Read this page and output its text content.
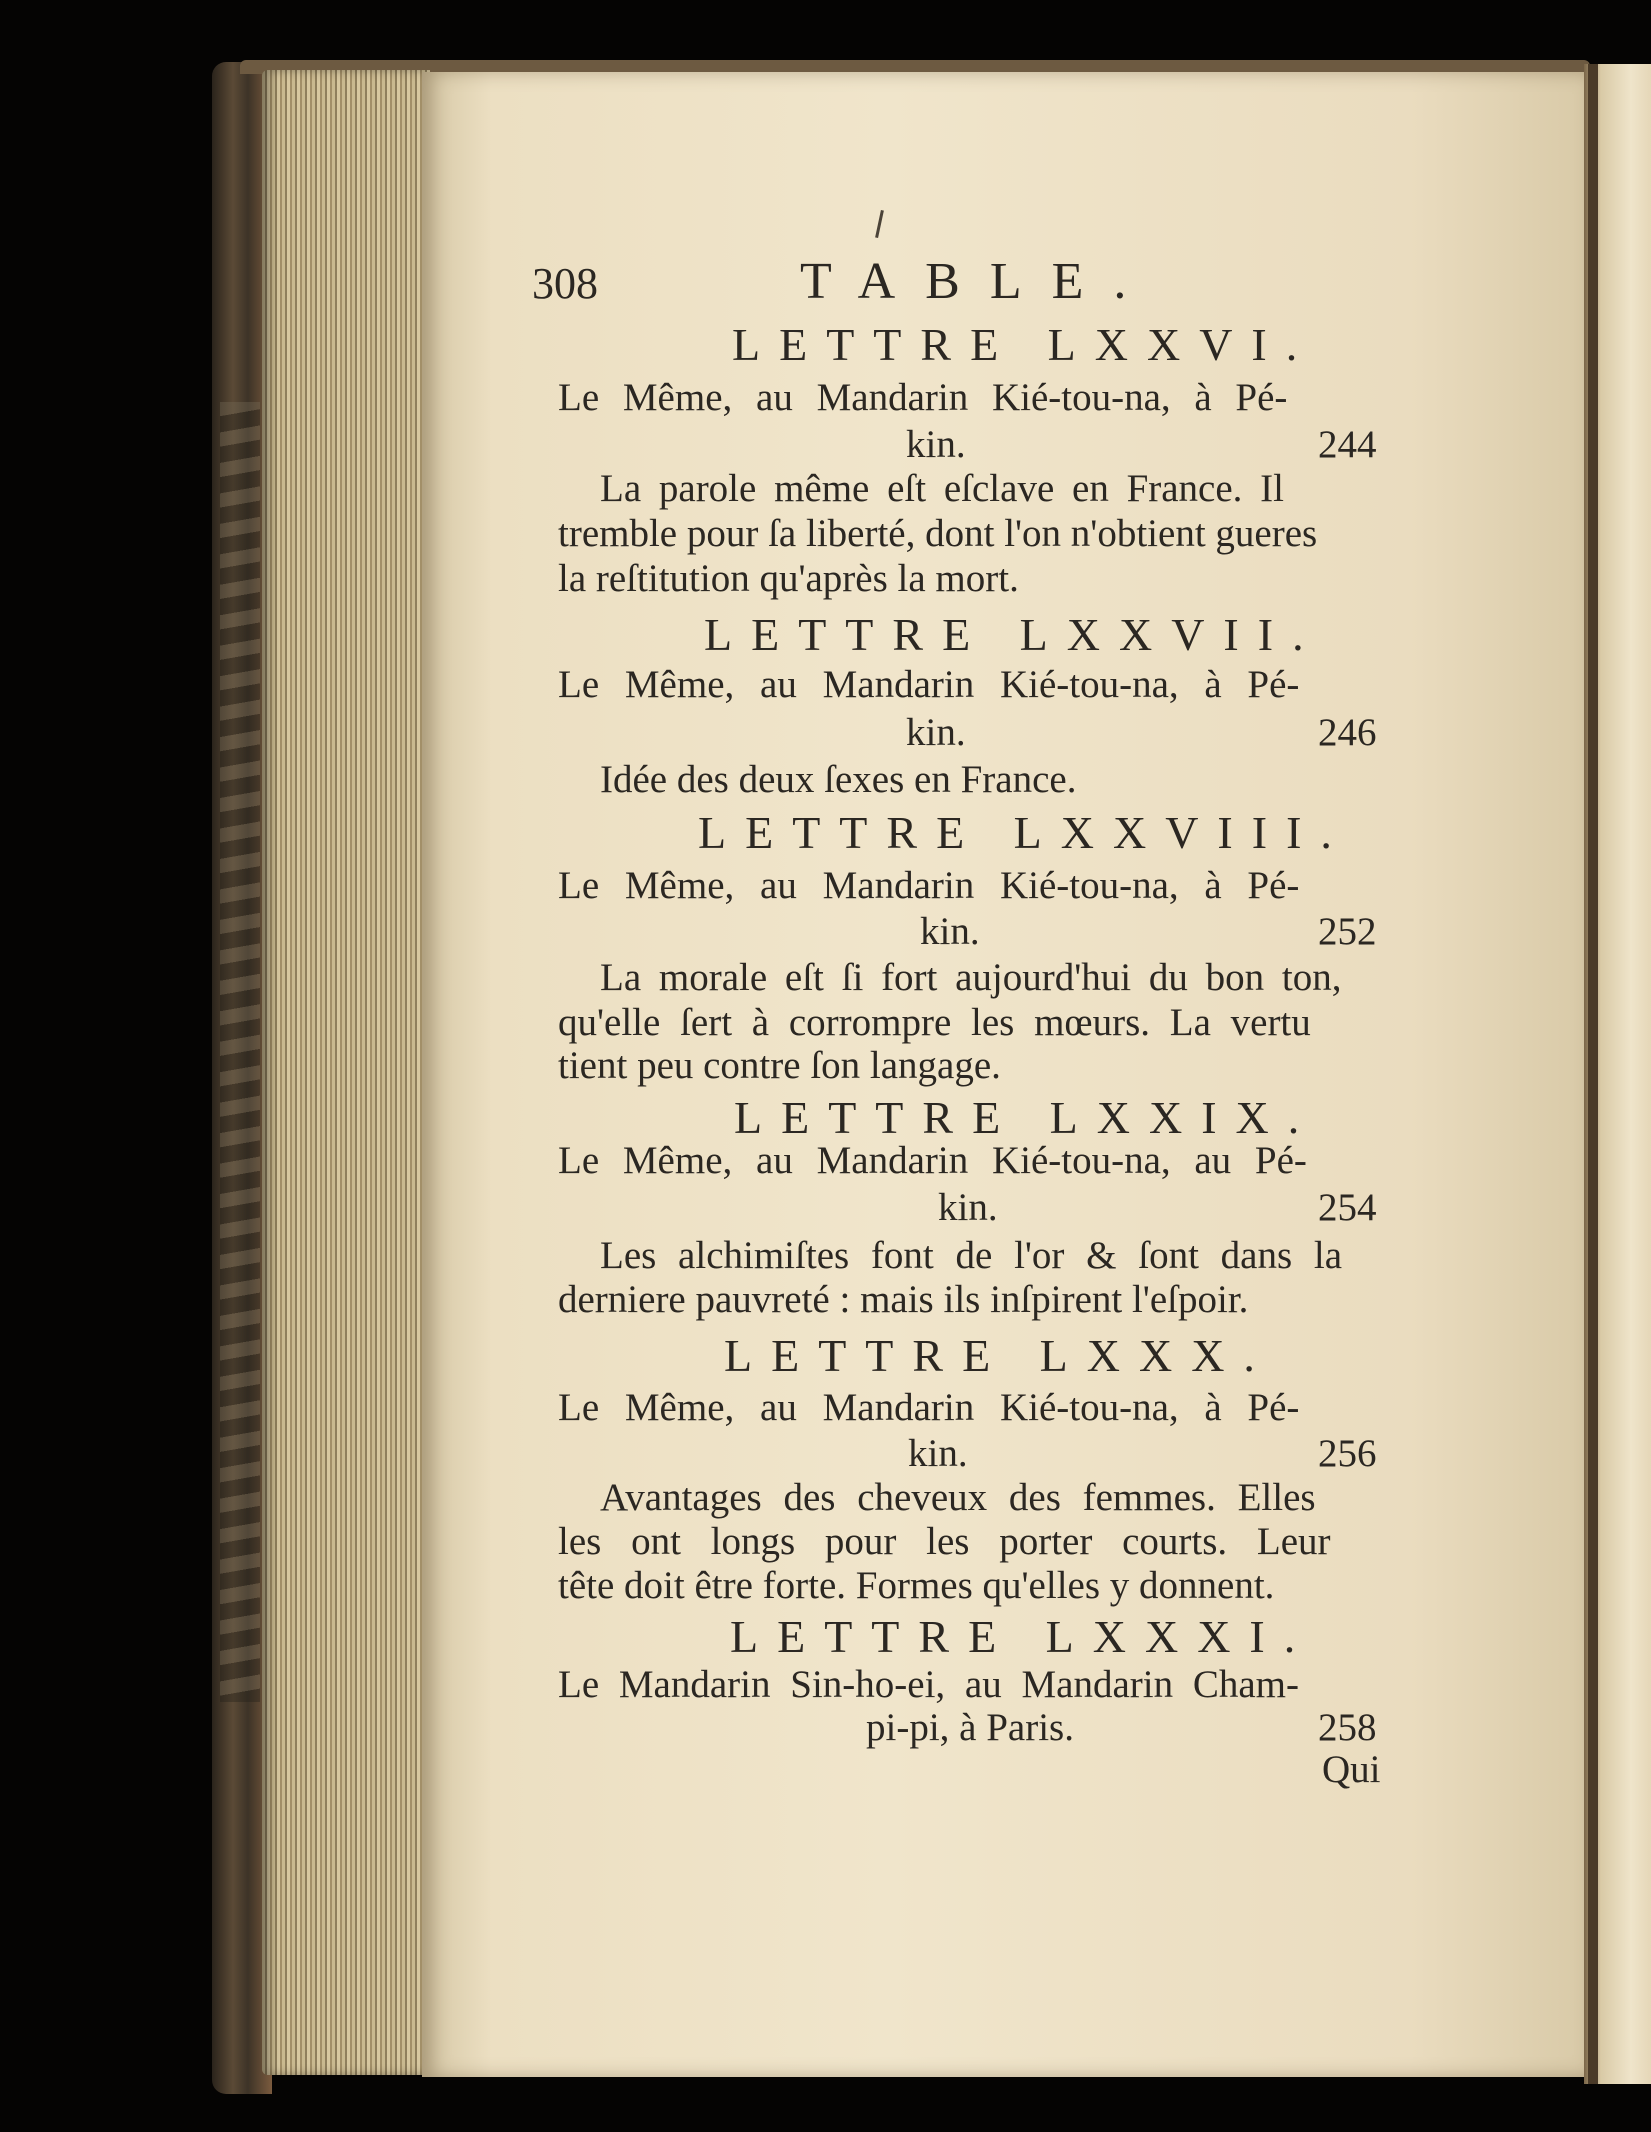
308	TABLE.
LETTRE LXXVI.
Le Même, au Mandarin Kié-tou-na, à Pé-
kin.	244
La parole même eſt eſclave en France. Il
tremble pour ſa liberté, dont l'on n'obtient gueres
la reſtitution qu'après la mort.
LETTRE LXXVII.
Le Même, au Mandarin Kié-tou-na, à Pé-
kin.	246
Idée des deux ſexes en France.
LETTRE LXXVIII.
Le Même, au Mandarin Kié-tou-na, à Pé-
kin.	252
La morale eſt ſi fort aujourd'hui du bon ton,
qu'elle ſert à corrompre les mœurs. La vertu
tient peu contre ſon langage.
LETTRE LXXIX.
Le Même, au Mandarin Kié-tou-na, au Pé-
kin.	254
Les alchimiſtes font de l'or & ſont dans la
derniere pauvreté : mais ils inſpirent l'eſpoir.
LETTRE LXXX.
Le Même, au Mandarin Kié-tou-na, à Pé-
kin.	256
Avantages des cheveux des femmes. Elles
les ont longs pour les porter courts. Leur
tête doit être forte. Formes qu'elles y donnent.
LETTRE LXXXI.
Le Mandarin Sin-ho-ei, au Mandarin Cham-
pi-pi, à Paris.	258
Qui
